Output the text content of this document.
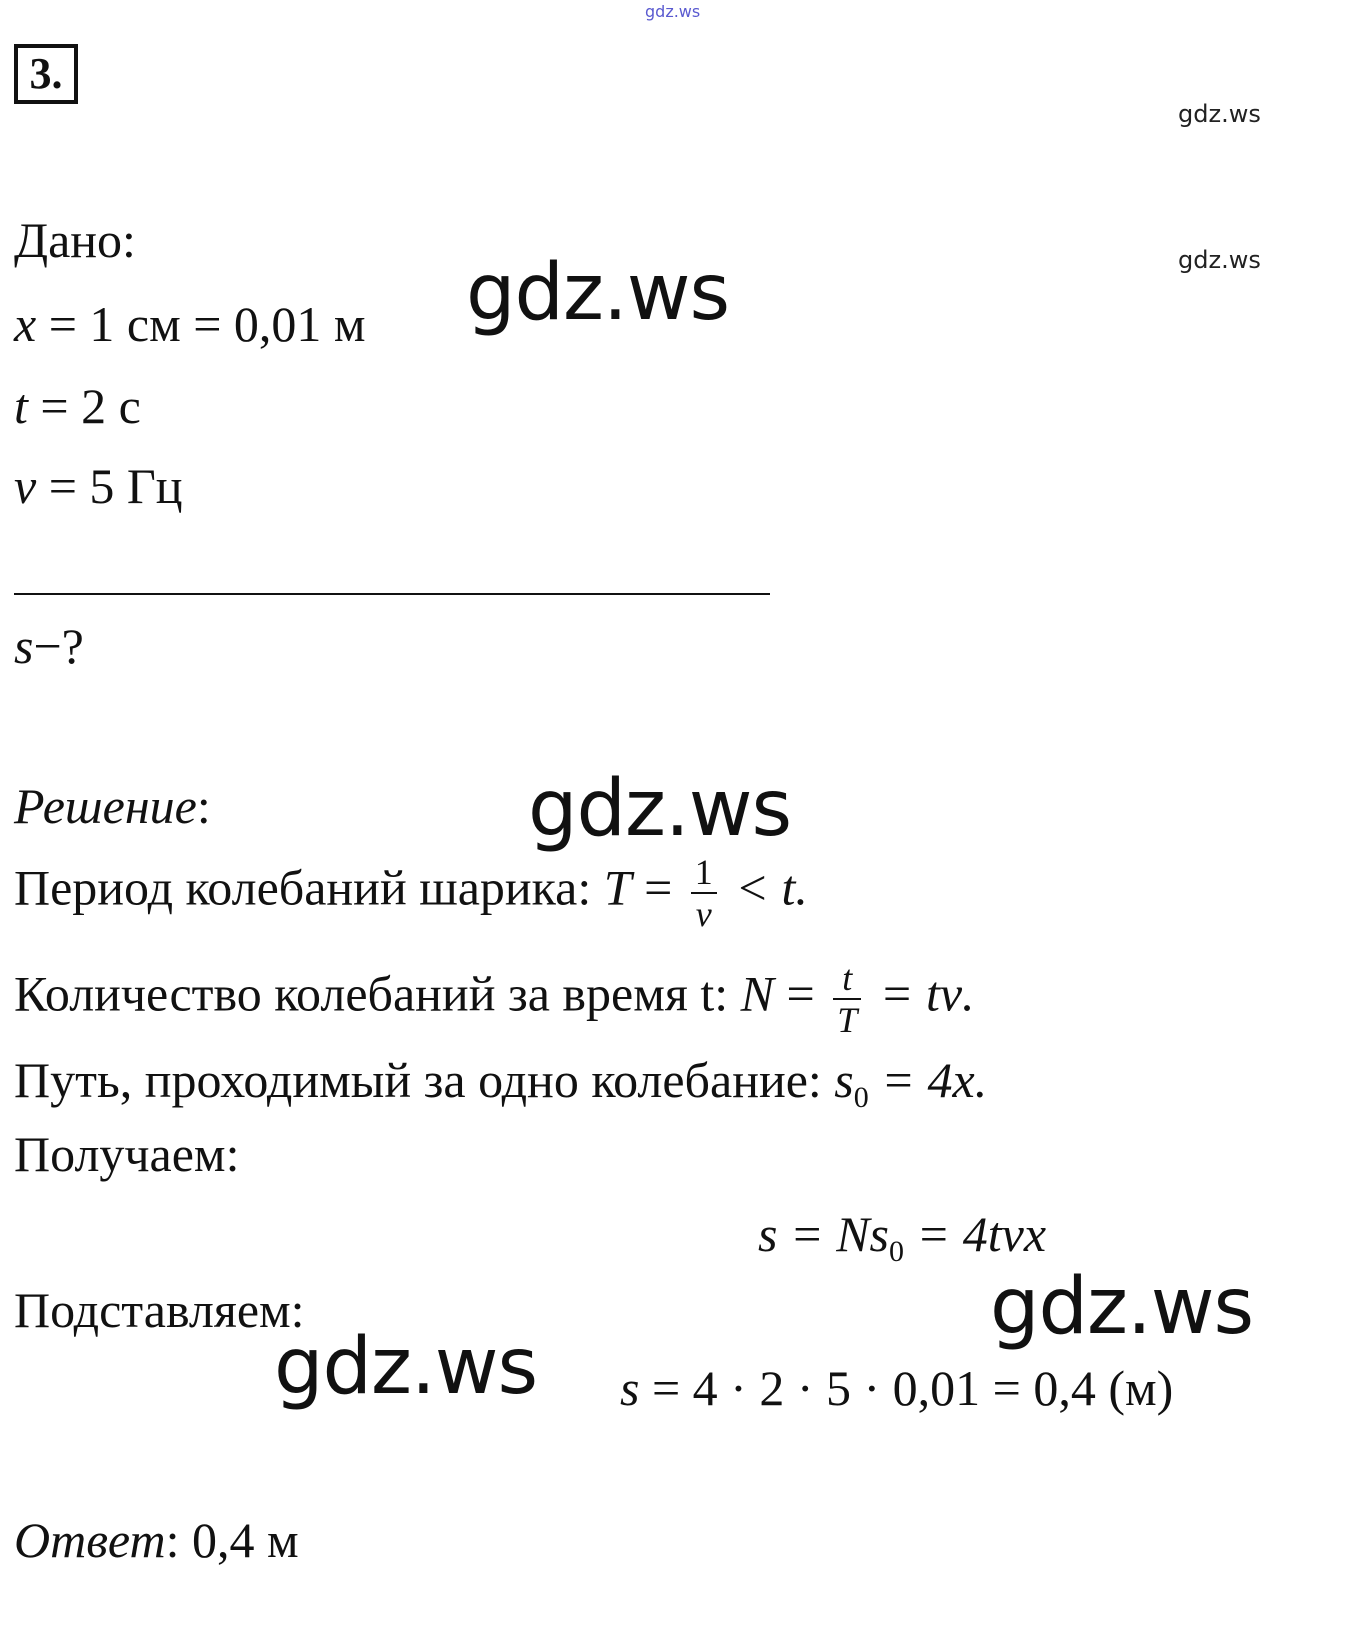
gdz.ws
gdz.ws
gdz.ws
gdz.ws
gdz.ws
gdz.ws
gdz.ws
3.
Дано:
x = 1 см = 0,01 м
t = 2 с
ν = 5 Гц
s−?
Решение:
Период колебаний шарика: $T = \frac{1}{\nu} < t$.
Количество колебаний за время t: $N = \frac{t}{T} = t\nu$.
Путь, проходимый за одно колебание: $s_0 = 4x$.
Получаем:
$s = Ns_0 = 4t\nu x$
Подставляем:
s = 4 · 2 · 5 · 0,01 = 0,4 (м)
Ответ: 0,4 м
